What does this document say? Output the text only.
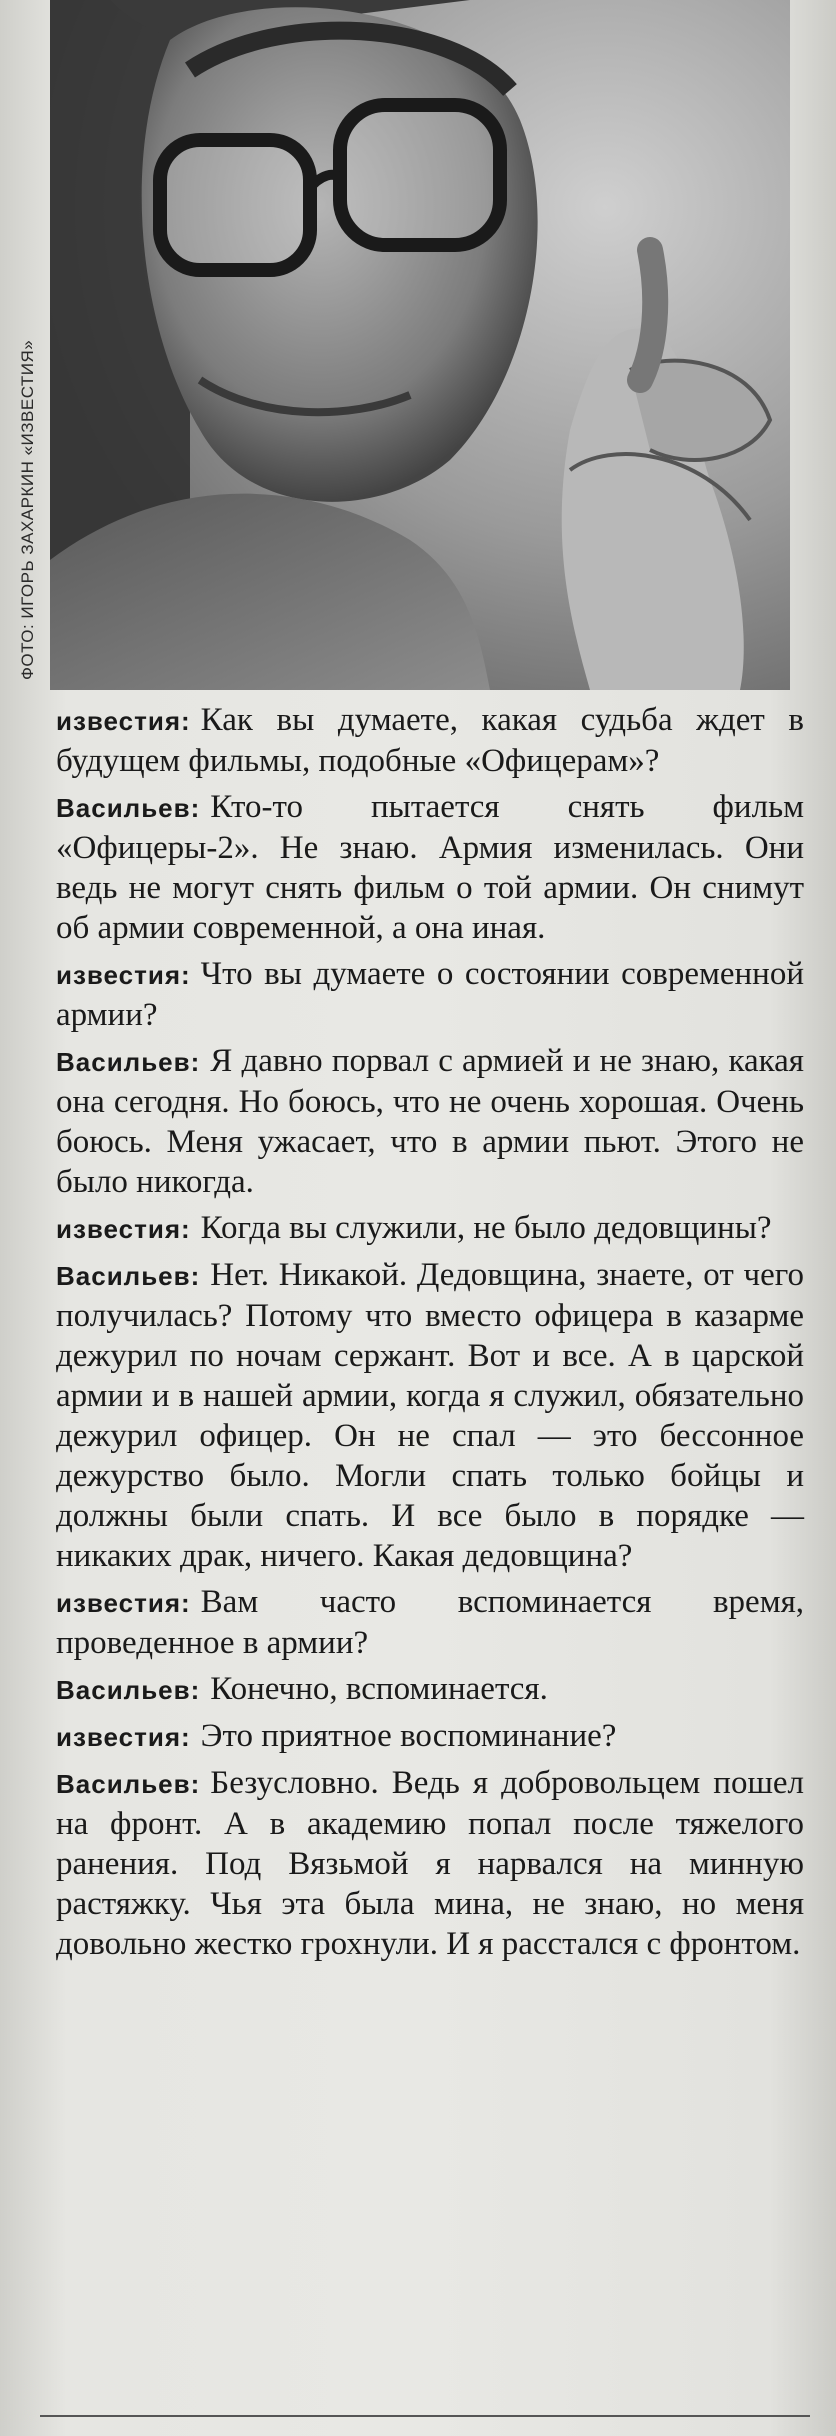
ФОТО: ИГОРЬ ЗАХАРКИН «ИЗВЕСТИЯ»

известия: Как вы думаете, какая судьба ждет в будущем фильмы, подобные «Офицерам»?

Васильев: Кто-то пытается снять фильм «Офицеры-2». Не знаю. Армия изменилась. Они ведь не могут снять фильм о той армии. Он снимут об армии современной, а она иная.

известия: Что вы думаете о состоянии современной армии?

Васильев: Я давно порвал с армией и не знаю, какая она сегодня. Но боюсь, что не очень хорошая. Очень боюсь. Меня ужасает, что в армии пьют. Этого не было никогда.

известия: Когда вы служили, не было дедовщины?

Васильев: Нет. Никакой. Дедовщина, знаете, от чего получилась? Потому что вместо офицера в казарме дежурил по ночам сержант. Вот и все. А в царской армии и в нашей армии, когда я служил, обязательно дежурил офицер. Он не спал — это бессонное дежурство было. Могли спать только бойцы и должны были спать. И все было в порядке — никаких драк, ничего. Какая дедовщина?

известия: Вам часто вспоминается время, проведенное в армии?

Васильев: Конечно, вспоминается.

известия: Это приятное воспоминание?

Васильев: Безусловно. Ведь я добровольцем пошел на фронт. А в академию попал после тяжелого ранения. Под Вязьмой я нарвался на минную растяжку. Чья эта была мина, не знаю, но меня довольно жестко грохнули. И я расстался с фронтом.
